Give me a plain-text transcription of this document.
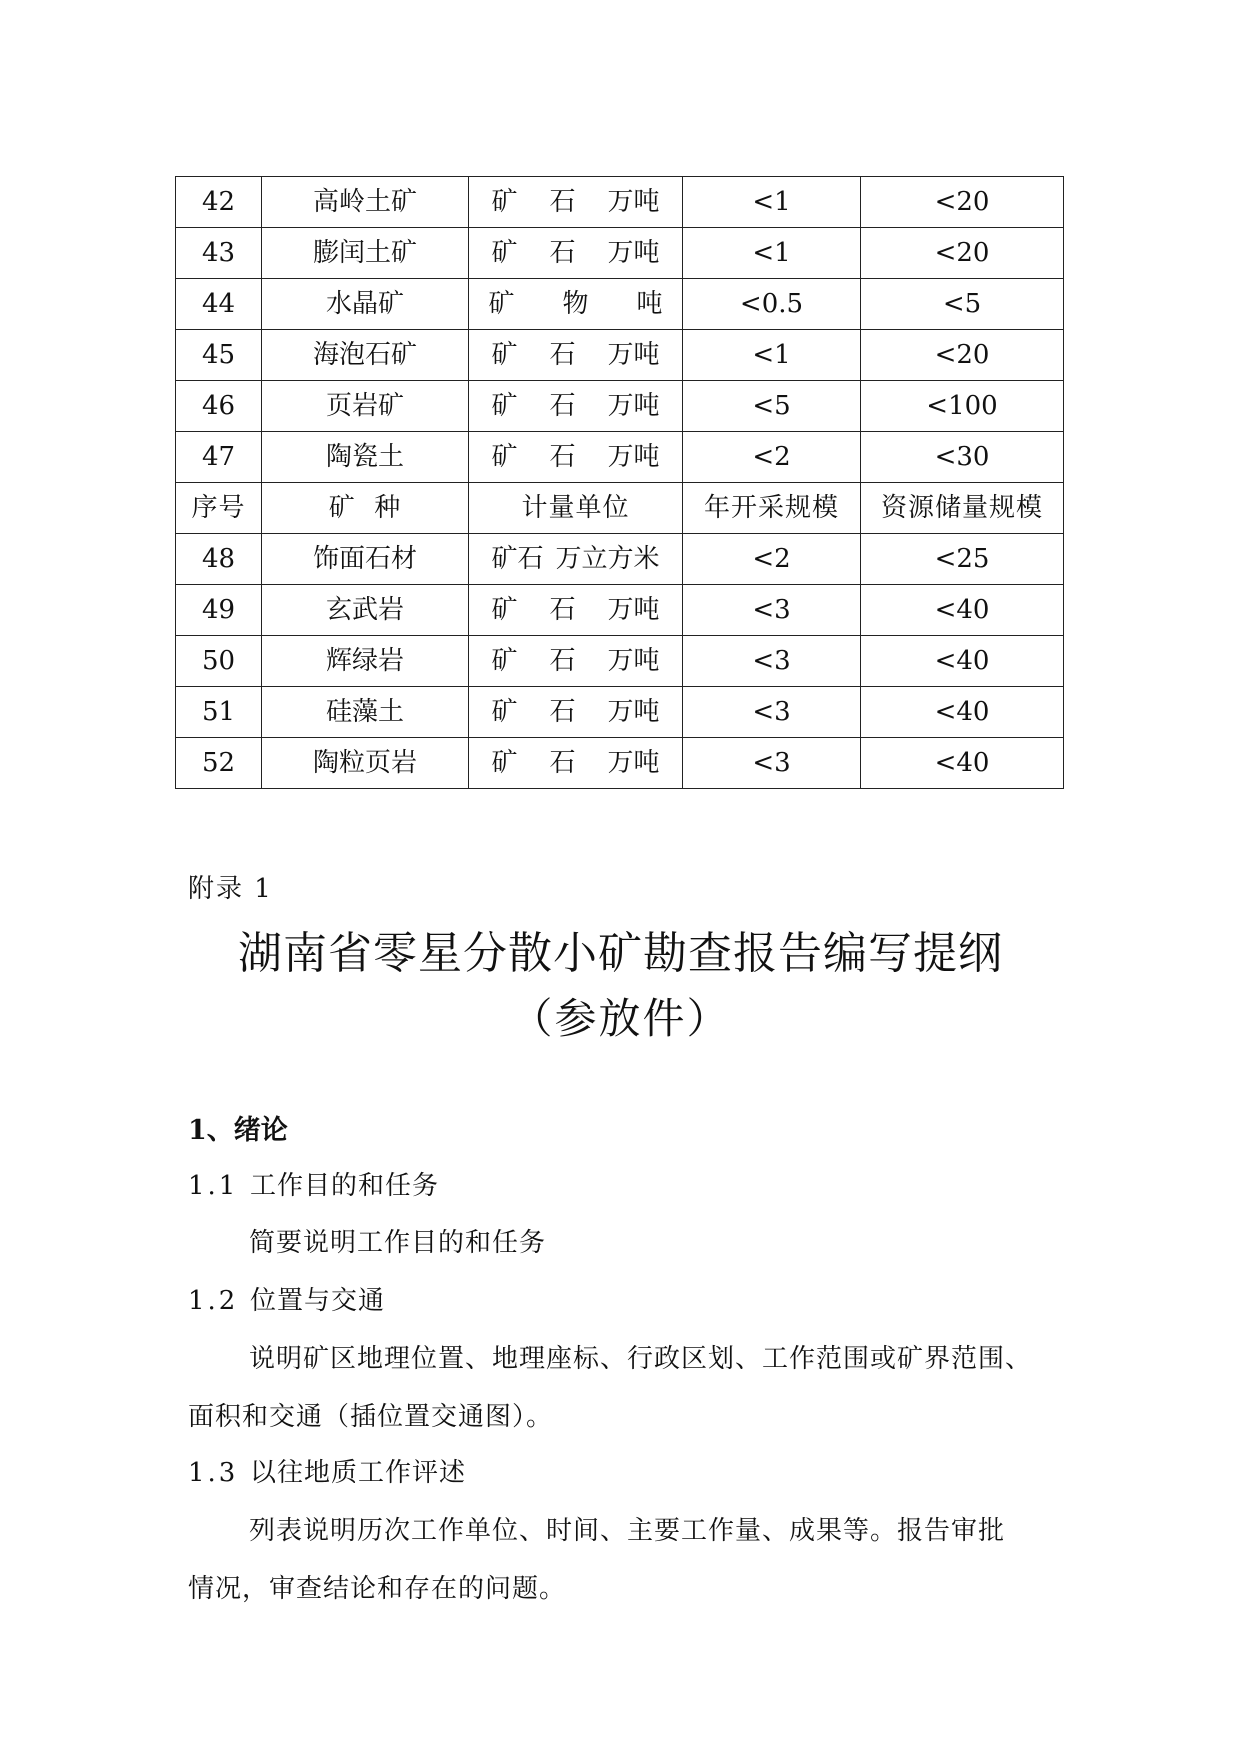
42	高岭土矿	矿 石 万吨	<1	<20
43	膨闰土矿	矿 石 万吨	<1	<20
44	水晶矿	矿 物 吨	<0.5	<5
45	海泡石矿	矿 石 万吨	<1	<20
46	页岩矿	矿 石 万吨	<5	<100
47	陶瓷土	矿 石 万吨	<2	<30
序号	矿  种	计量单位	年开采规模	资源储量规模
48	饰面石材	矿石 万立方米	<2	<25
49	玄武岩	矿 石 万吨	<3	<40
50	辉绿岩	矿 石 万吨	<3	<40
51	硅藻土	矿 石 万吨	<3	<40
52	陶粒页岩	矿 石 万吨	<3	<40
附录 1
湖南省零星分散小矿勘查报告编写提纲
（参放件）
1、绪论
1.1 工作目的和任务
简要说明工作目的和任务
1.2 位置与交通
说明矿区地理位置、地理座标、行政区划、工作范围或矿界范围、
面积和交通（插位置交通图）。
1.3 以往地质工作评述
列表说明历次工作单位、时间、主要工作量、成果等。报告审批
情况，审查结论和存在的问题。
